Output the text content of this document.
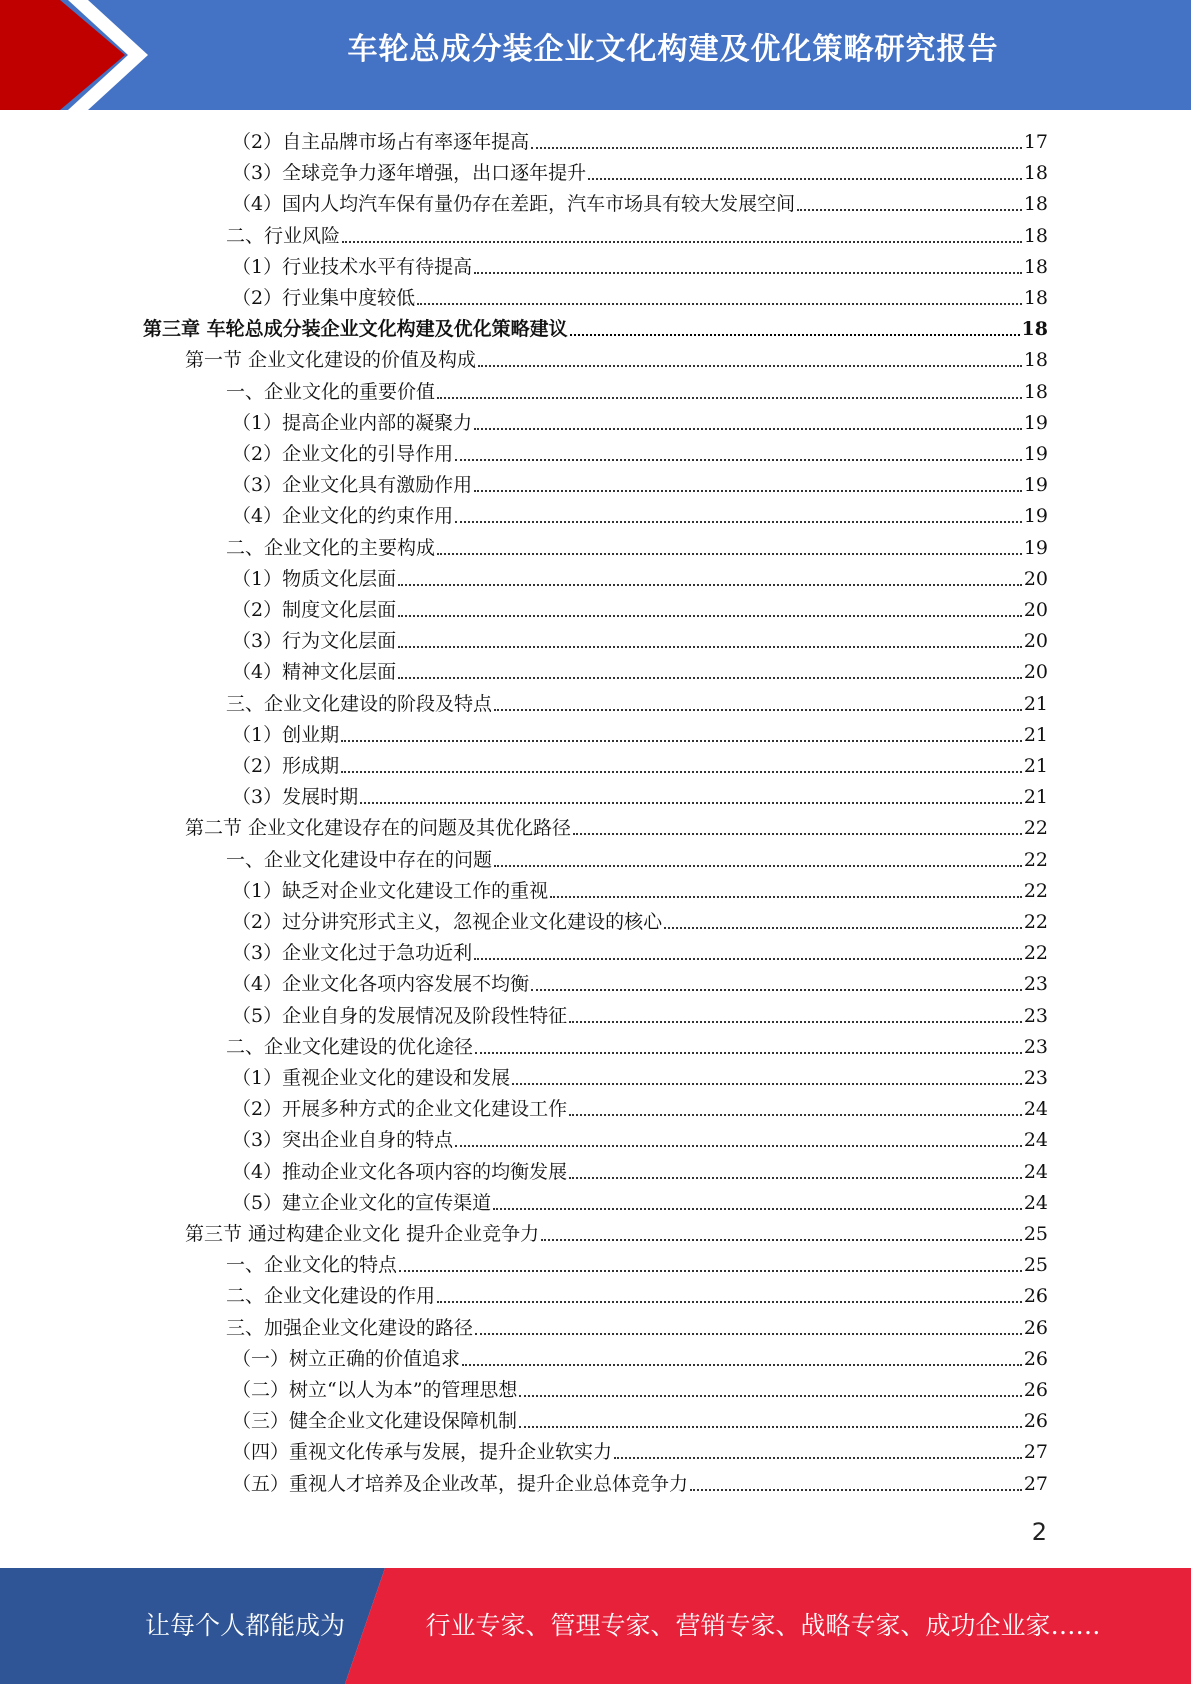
车轮总成分装企业文化构建及优化策略研究报告
（2）自主品牌市场占有率逐年提高	17
（3）全球竞争力逐年增强，出口逐年提升	18
（4）国内人均汽车保有量仍存在差距，汽车市场具有较大发展空间	18
二、行业风险	18
（1）行业技术水平有待提高	18
（2）行业集中度较低	18
第三章 车轮总成分装企业文化构建及优化策略建议	18
第一节 企业文化建设的价值及构成	18
一、企业文化的重要价值	18
（1）提高企业内部的凝聚力	19
（2）企业文化的引导作用	19
（3）企业文化具有激励作用	19
（4）企业文化的约束作用	19
二、企业文化的主要构成	19
（1）物质文化层面	20
（2）制度文化层面	20
（3）行为文化层面	20
（4）精神文化层面	20
三、企业文化建设的阶段及特点	21
（1）创业期	21
（2）形成期	21
（3）发展时期	21
第二节 企业文化建设存在的问题及其优化路径	22
一、企业文化建设中存在的问题	22
（1）缺乏对企业文化建设工作的重视	22
（2）过分讲究形式主义，忽视企业文化建设的核心	22
（3）企业文化过于急功近利	22
（4）企业文化各项内容发展不均衡	23
（5）企业自身的发展情况及阶段性特征	23
二、企业文化建设的优化途径	23
（1）重视企业文化的建设和发展	23
（2）开展多种方式的企业文化建设工作	24
（3）突出企业自身的特点	24
（4）推动企业文化各项内容的均衡发展	24
（5）建立企业文化的宣传渠道	24
第三节 通过构建企业文化 提升企业竞争力	25
一、企业文化的特点	25
二、企业文化建设的作用	26
三、加强企业文化建设的路径	26
（一）树立正确的价值追求	26
（二）树立“以人为本”的管理思想	26
（三）健全企业文化建设保障机制	26
（四）重视文化传承与发展，提升企业软实力	27
（五）重视人才培养及企业改革，提升企业总体竞争力	27
2
让每个人都能成为	行业专家、管理专家、营销专家、战略专家、成功企业家……
